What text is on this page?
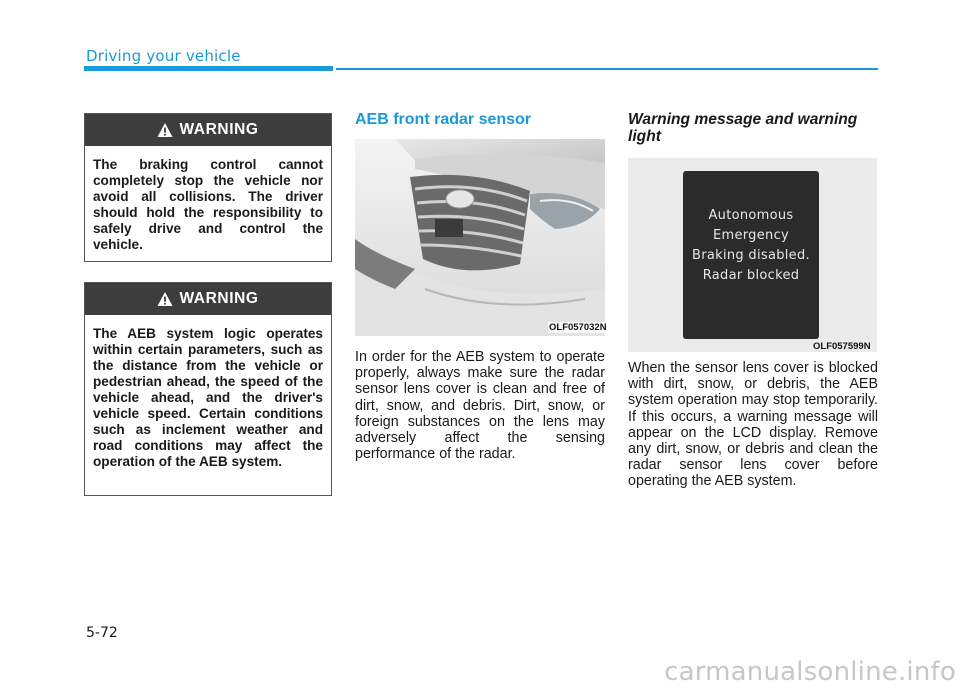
Driving your vehicle
WARNING
The braking control cannot completely stop the vehicle nor avoid all collisions. The driver should hold the responsibility to safely drive and control the vehicle.
WARNING
The AEB system logic operates within certain parameters, such as the distance from the vehicle or pedestrian ahead, the speed of the vehicle ahead, and the driver's vehicle speed. Certain conditions such as inclement weather and road conditions may affect the operation of the AEB system.
AEB front radar sensor
OLF057032N
In order for the AEB system to operate properly, always make sure the radar sensor lens cover is clean and free of dirt, snow, and debris. Dirt, snow, or foreign substances on the lens may adversely affect the sensing performance of the radar.
Warning message and warning light
Autonomous
Emergency
Braking disabled.
Radar blocked
OLF057599N
When the sensor lens cover is blocked with dirt, snow, or debris, the AEB system operation may stop temporarily. If this occurs, a warning message will appear on the LCD display. Remove any dirt, snow, or debris and clean the radar sensor lens cover before operating the AEB system.
5-72
carmanualsonline.info
